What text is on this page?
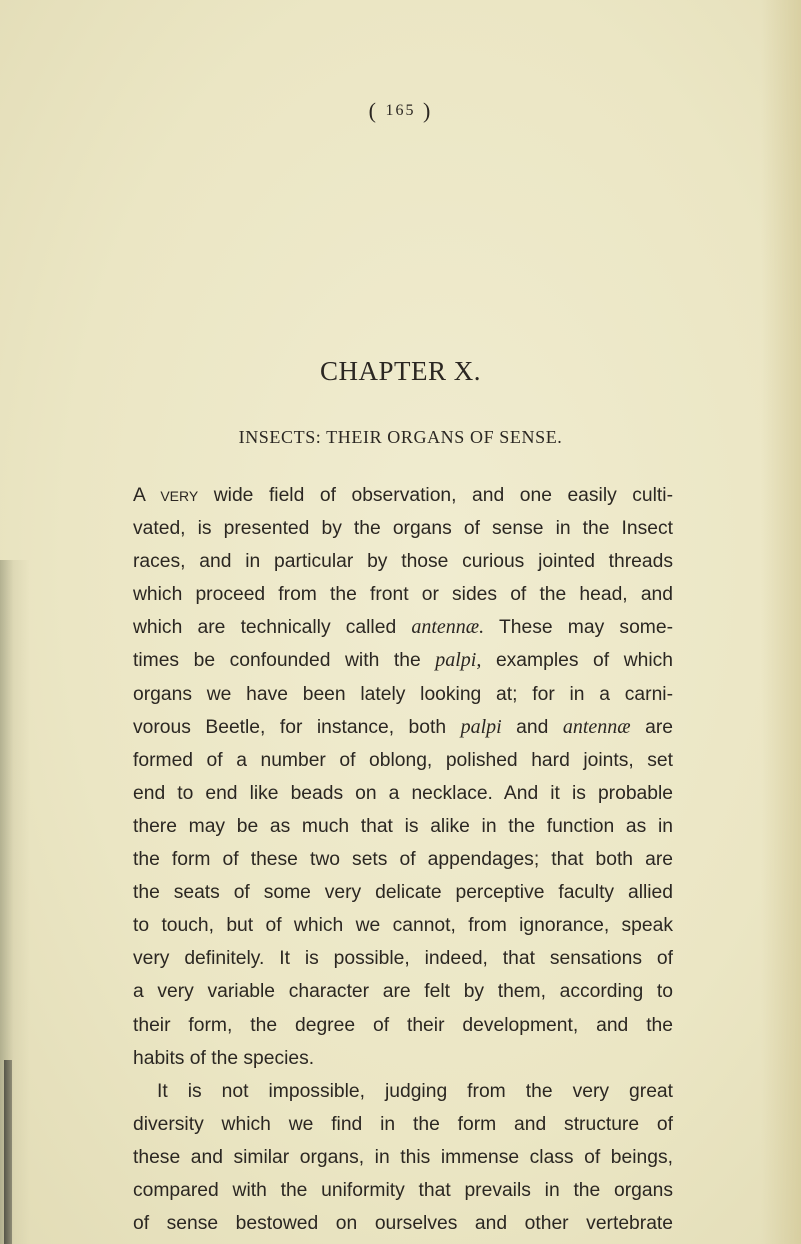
( 165 )
CHAPTER X.
INSECTS: THEIR ORGANS OF SENSE.
A very wide field of observation, and one easily culti-
vated, is presented by the organs of sense in the Insect
races, and in particular by those curious jointed threads
which proceed from the front or sides of the head, and
which are technically called antennæ. These may some-
times be confounded with the palpi, examples of which
organs we have been lately looking at; for in a carni-
vorous Beetle, for instance, both palpi and antennæ are
formed of a number of oblong, polished hard joints, set
end to end like beads on a necklace. And it is probable
there may be as much that is alike in the function as in
the form of these two sets of appendages; that both are
the seats of some very delicate perceptive faculty allied
to touch, but of which we cannot, from ignorance, speak
very definitely. It is possible, indeed, that sensations of
a very variable character are felt by them, according to
their form, the degree of their development, and the
habits of the species.
It is not impossible, judging from the very great
diversity which we find in the form and structure of
these and similar organs, in this immense class of beings,
compared with the uniformity that prevails in the organs
of sense bestowed on ourselves and other vertebrate
